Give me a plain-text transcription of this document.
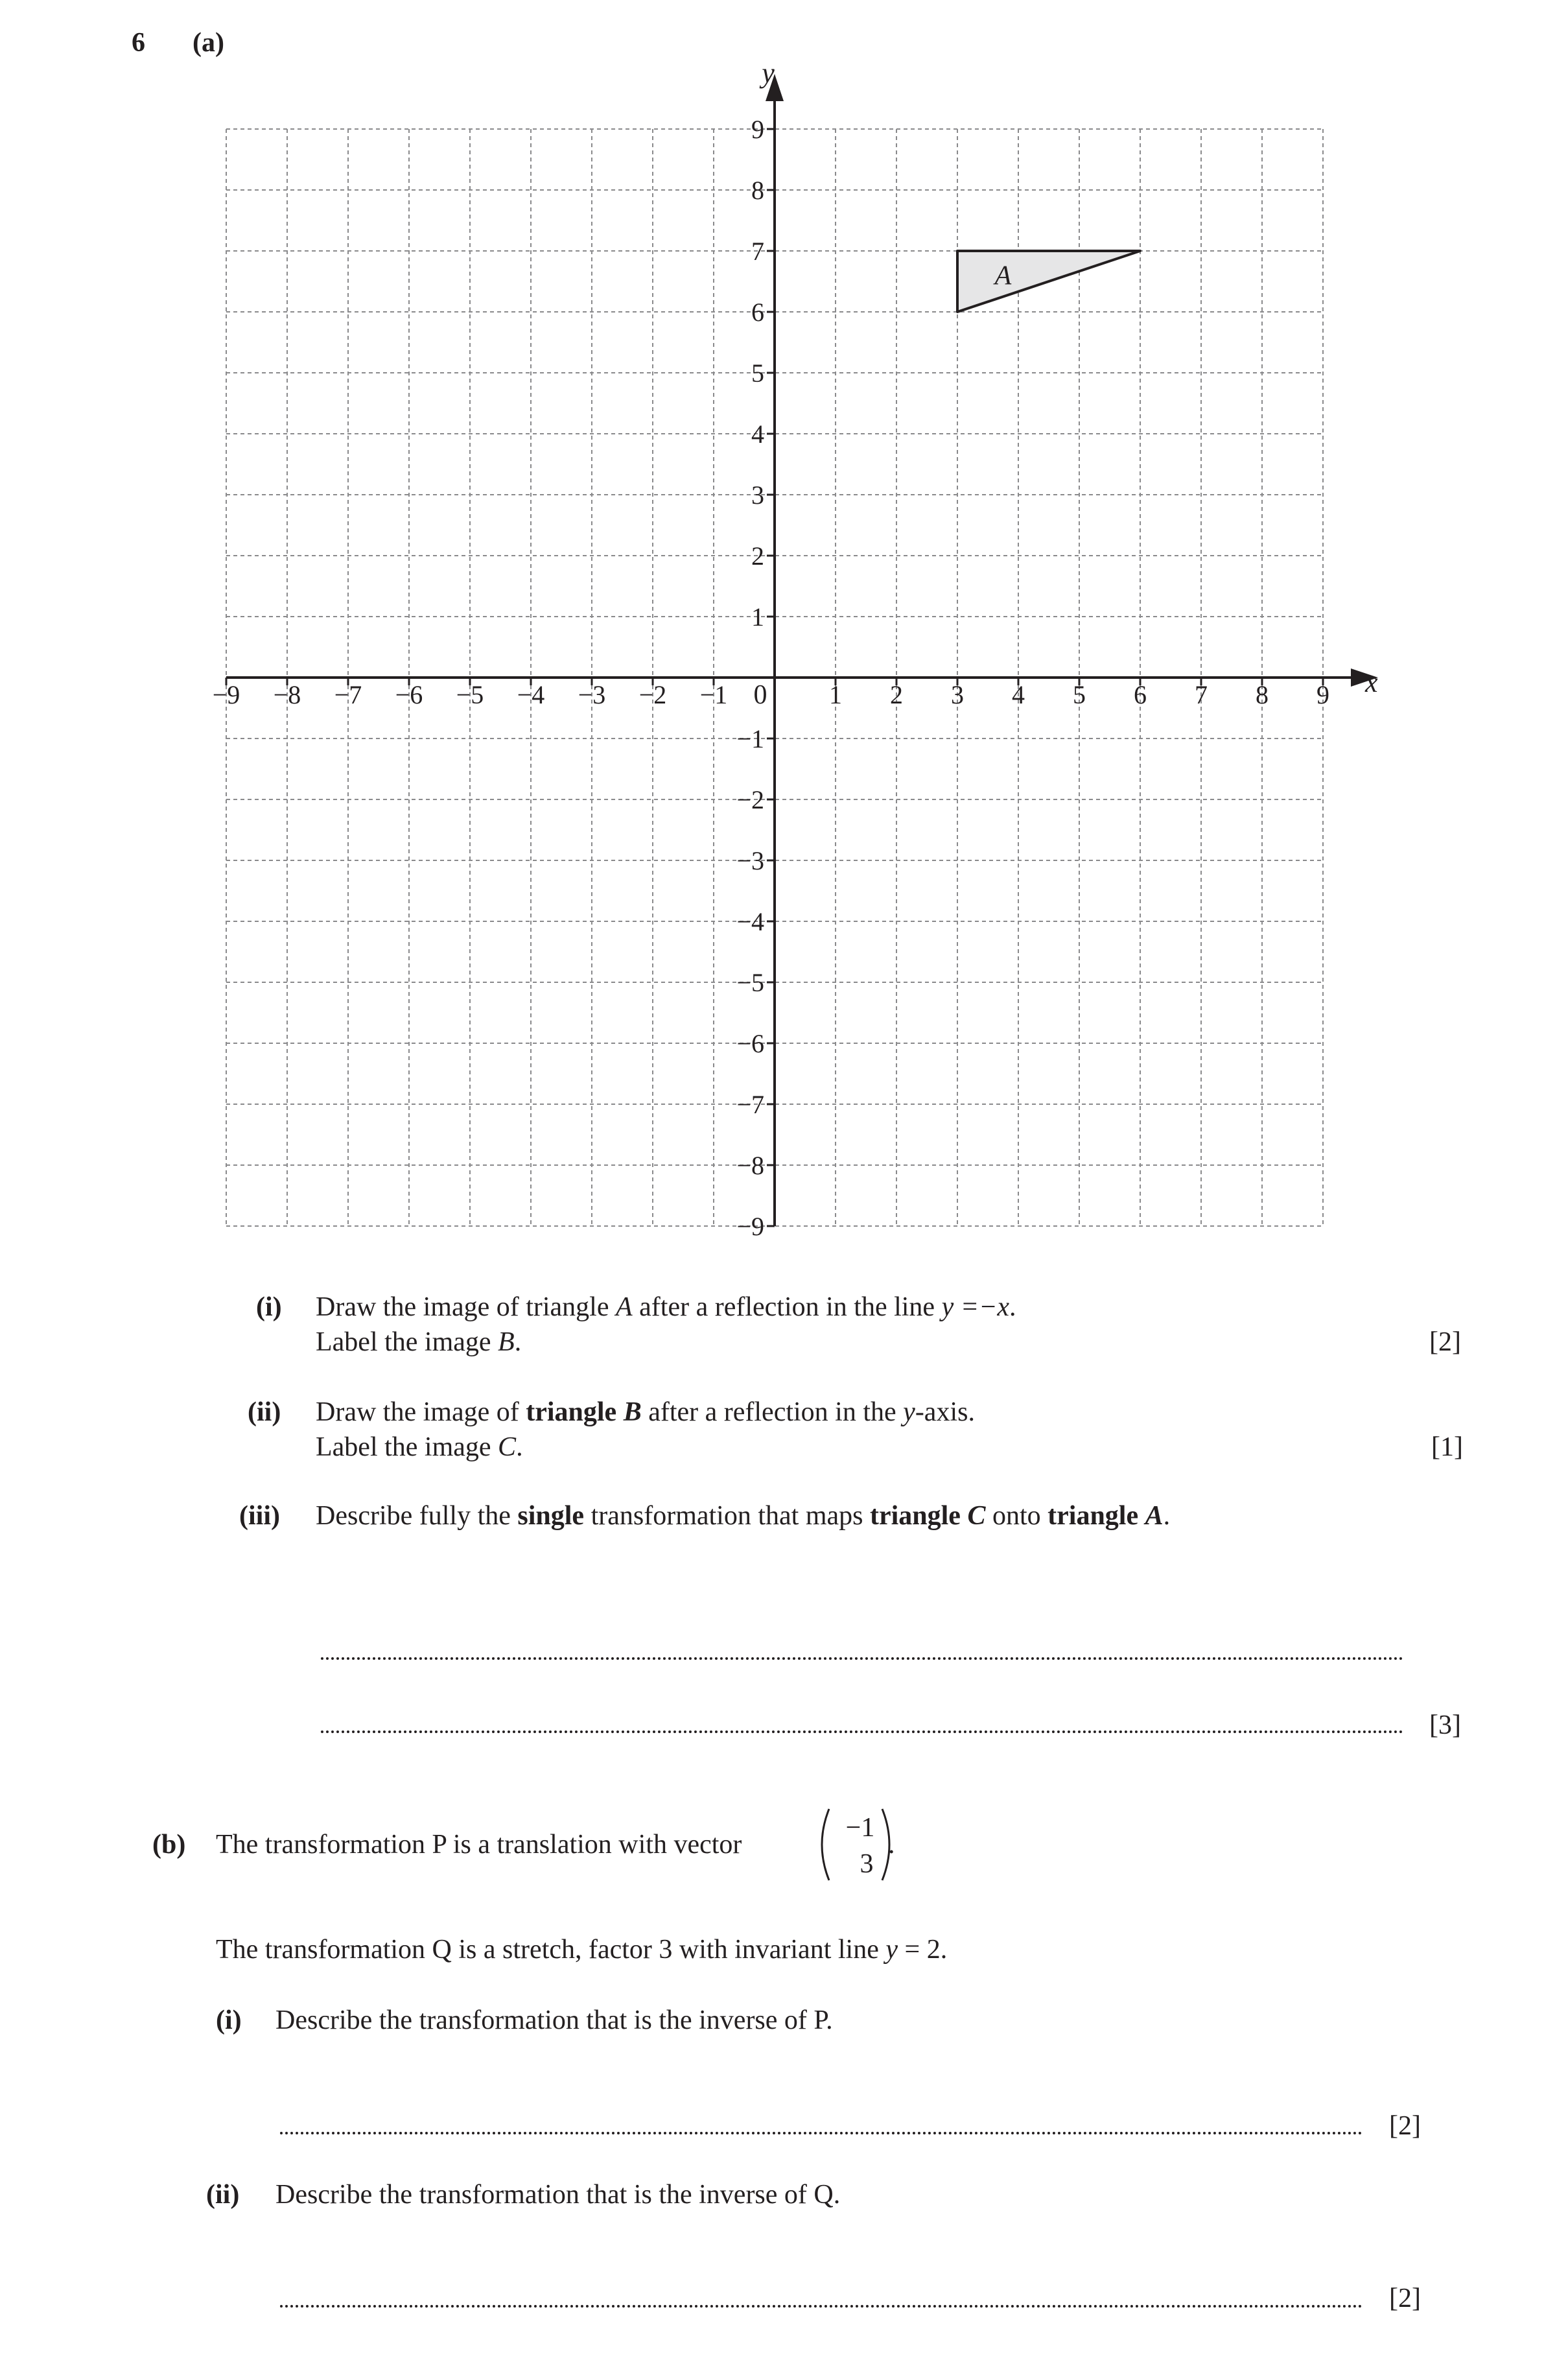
6 (a)
−9 −8 −7 −6 −5 −4 −3 −2 −1	1 2 3 4 5 6 7 8 9
9
8
7
6
5
4
3
2
1
−1
−2
−3
−4
−5
−6
−7
−8
−9
A
x
y
0
(i) Draw the image of triangle A after a reflection in the line y =−x.
Label the image B.	[2]
(ii) Draw the image of triangle B after a reflection in the y-axis.
Label the image C.	[1]
(iii) Describe fully the single transformation that maps triangle C onto triangle A.
[3]
(b) The transformation P is a translation with vector
−1
3
.
The transformation Q is a stretch, factor 3 with invariant line y = 2.
(i) Describe the transformation that is the inverse of P.
[2]
(ii) Describe the transformation that is the inverse of Q.
[2]
